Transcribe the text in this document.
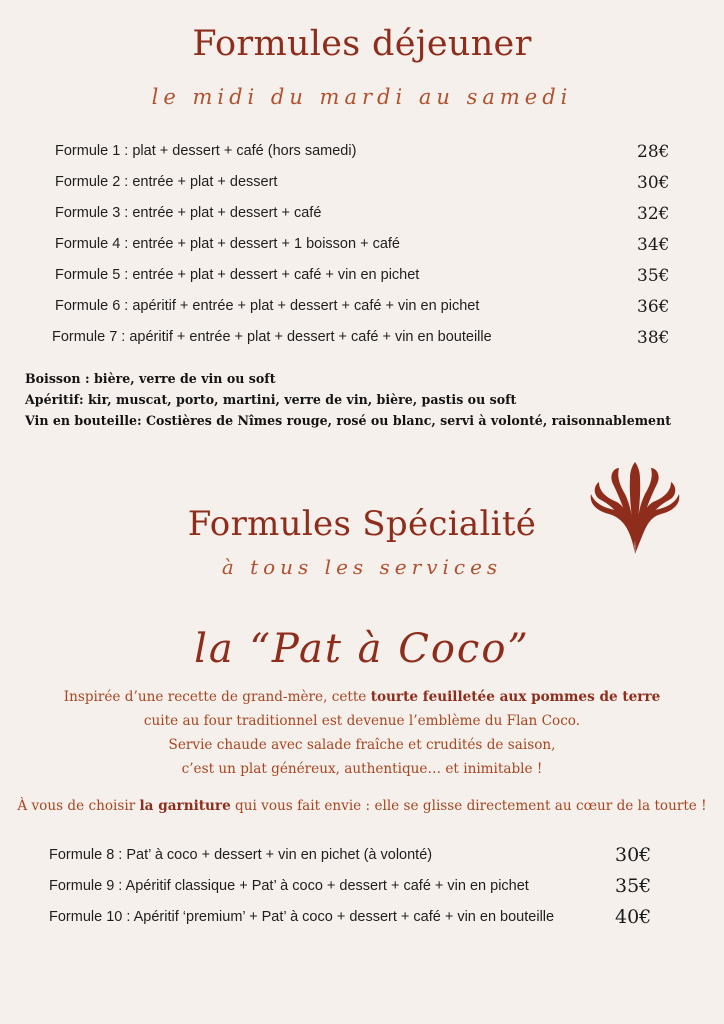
Formules déjeuner
le midi du mardi au samedi
Formule 1 : plat + dessert + café (hors samedi)	28€
Formule 2 : entrée + plat + dessert	30€
Formule 3 : entrée + plat + dessert + café	32€
Formule 4 : entrée + plat + dessert + 1 boisson + café	34€
Formule 5 : entrée + plat + dessert + café + vin en pichet	35€
Formule 6 : apéritif + entrée + plat + dessert + café + vin en pichet	36€
Formule 7 : apéritif + entrée + plat + dessert + café + vin en bouteille	38€
Boisson : bière, verre de vin ou soft
Apéritif: kir, muscat, porto, martini, verre de vin, bière, pastis ou soft
Vin en bouteille: Costières de Nîmes rouge, rosé ou blanc, servi à volonté, raisonnablement
Formules Spécialité
à tous les services
la “Pat à Coco”
Inspirée d’une recette de grand-mère, cette tourte feuilletée aux pommes de terre
cuite au four traditionnel est devenue l’emblème du Flan Coco.
Servie chaude avec salade fraîche et crudités de saison,
c’est un plat généreux, authentique… et inimitable !
À vous de choisir la garniture qui vous fait envie : elle se glisse directement au cœur de la tourte !
Formule 8 : Pat’ à coco + dessert + vin en pichet (à volonté)	30€
Formule 9 : Apéritif classique + Pat’ à coco + dessert + café + vin en pichet	35€
Formule 10 : Apéritif ‘premium’ + Pat’ à coco + dessert + café + vin en bouteille	40€
